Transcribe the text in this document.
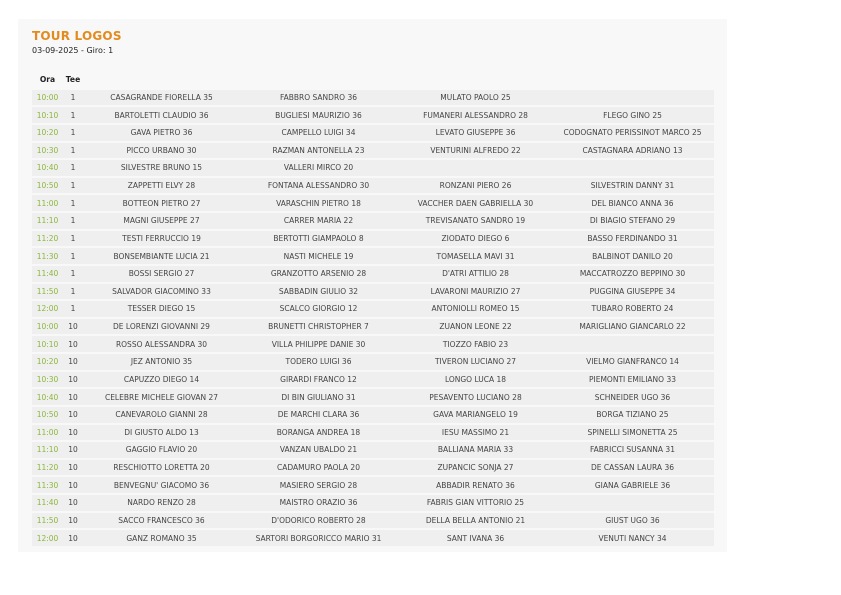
TOUR LOGOS
03-09-2025 - Giro: 1
Ora	Tee
10:00	1	CASAGRANDE FIORELLA 35	FABBRO SANDRO 36	MULATO PAOLO 25
10:10	1	BARTOLETTI CLAUDIO 36	BUGLIESI MAURIZIO 36	FUMANERI ALESSANDRO 28	FLEGO GINO 25
10:20	1	GAVA PIETRO 36	CAMPELLO LUIGI 34	LEVATO GIUSEPPE 36	CODOGNATO PERISSINOT MARCO 25
10:30	1	PICCO URBANO 30	RAZMAN ANTONELLA 23	VENTURINI ALFREDO 22	CASTAGNARA ADRIANO 13
10:40	1	SILVESTRE BRUNO 15	VALLERI MIRCO 20
10:50	1	ZAPPETTI ELVY 28	FONTANA ALESSANDRO 30	RONZANI PIERO 26	SILVESTRIN DANNY 31
11:00	1	BOTTEON PIETRO 27	VARASCHIN PIETRO 18	VACCHER DAEN GABRIELLA 30	DEL BIANCO ANNA 36
11:10	1	MAGNI GIUSEPPE 27	CARRER MARIA 22	TREVISANATO SANDRO 19	DI BIAGIO STEFANO 29
11:20	1	TESTI FERRUCCIO 19	BERTOTTI GIAMPAOLO 8	ZIODATO DIEGO 6	BASSO FERDINANDO 31
11:30	1	BONSEMBIANTE LUCIA 21	NASTI MICHELE 19	TOMASELLA MAVI 31	BALBINOT DANILO 20
11:40	1	BOSSI SERGIO 27	GRANZOTTO ARSENIO 28	D'ATRI ATTILIO 28	MACCATROZZO BEPPINO 30
11:50	1	SALVADOR GIACOMINO 33	SABBADIN GIULIO 32	LAVARONI MAURIZIO 27	PUGGINA GIUSEPPE 34
12:00	1	TESSER DIEGO 15	SCALCO GIORGIO 12	ANTONIOLLI ROMEO 15	TUBARO ROBERTO 24
10:00	10	DE LORENZI GIOVANNI 29	BRUNETTI CHRISTOPHER 7	ZUANON LEONE 22	MARIGLIANO GIANCARLO 22
10:10	10	ROSSO ALESSANDRA 30	VILLA PHILIPPE DANIE 30	TIOZZO FABIO 23
10:20	10	JEZ ANTONIO 35	TODERO LUIGI 36	TIVERON LUCIANO 27	VIELMO GIANFRANCO 14
10:30	10	CAPUZZO DIEGO 14	GIRARDI FRANCO 12	LONGO LUCA 18	PIEMONTI EMILIANO 33
10:40	10	CELEBRE MICHELE GIOVAN 27	DI BIN GIULIANO 31	PESAVENTO LUCIANO 28	SCHNEIDER UGO 36
10:50	10	CANEVAROLO GIANNI 28	DE MARCHI CLARA 36	GAVA MARIANGELO 19	BORGA TIZIANO 25
11:00	10	DI GIUSTO ALDO 13	BORANGA ANDREA 18	IESU MASSIMO 21	SPINELLI SIMONETTA 25
11:10	10	GAGGIO FLAVIO 20	VANZAN UBALDO 21	BALLIANA MARIA 33	FABRICCI SUSANNA 31
11:20	10	RESCHIOTTO LORETTA 20	CADAMURO PAOLA 20	ZUPANCIC SONJA 27	DE CASSAN LAURA 36
11:30	10	BENVEGNU' GIACOMO 36	MASIERO SERGIO 28	ABBADIR RENATO 36	GIANA GABRIELE 36
11:40	10	NARDO RENZO 28	MAISTRO ORAZIO 36	FABRIS GIAN VITTORIO 25
11:50	10	SACCO FRANCESCO 36	D'ODORICO ROBERTO 28	DELLA BELLA ANTONIO 21	GIUST UGO 36
12:00	10	GANZ ROMANO 35	SARTORI BORGORICCO MARIO 31	SANT IVANA 36	VENUTI NANCY 34
